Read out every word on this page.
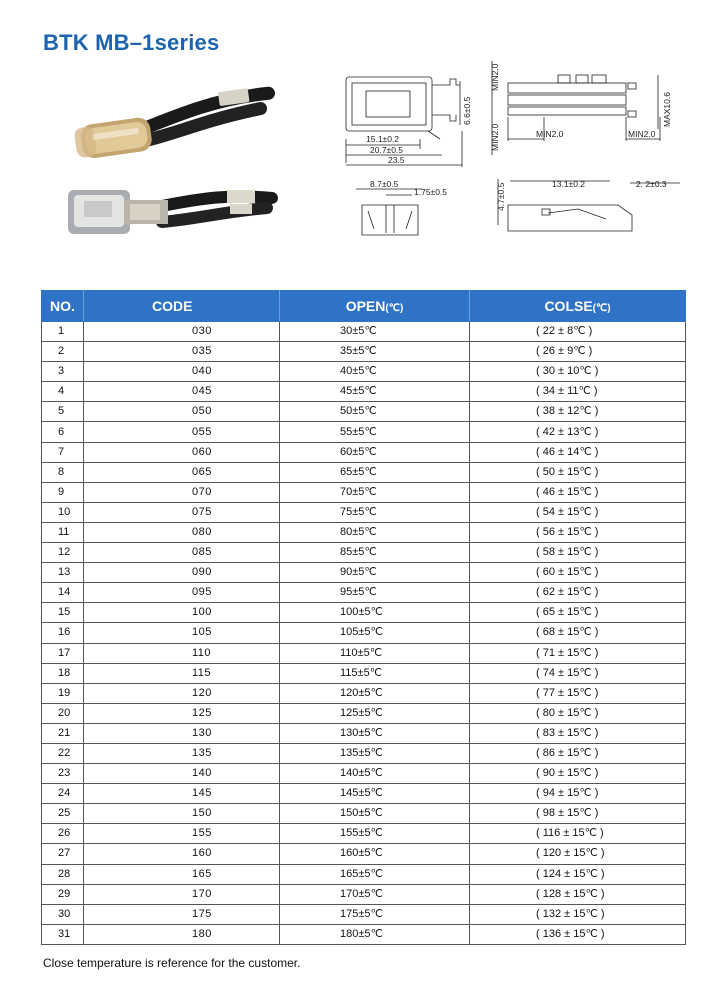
BTK MB–1series
15.1±0.2
20.7±0.5
23.5
6.6±0.5
MIN2.0
MIN2.0
MAX10.6
MIN2.0	MIN2.0
8.7±0.5
1.75±0.5
13.1±0.2	2. 2±0.3
4.7±0.5
NO.	CODE	OPEN(℃)	COLSE(℃)
1	030	30±5℃	( 22 ± 8℃ )
2	035	35±5℃	( 26 ± 9℃ )
3	040	40±5℃	( 30 ± 10℃ )
4	045	45±5℃	( 34 ± 11℃ )
5	050	50±5℃	( 38 ± 12℃ )
6	055	55±5℃	( 42 ± 13℃ )
7	060	60±5℃	( 46 ± 14℃ )
8	065	65±5℃	( 50 ± 15℃ )
9	070	70±5℃	( 46 ± 15℃ )
10	075	75±5℃	( 54 ± 15℃ )
11	080	80±5℃	( 56 ± 15℃ )
12	085	85±5℃	( 58 ± 15℃ )
13	090	90±5℃	( 60 ± 15℃ )
14	095	95±5℃	( 62 ± 15℃ )
15	100	100±5℃	( 65 ± 15℃ )
16	105	105±5℃	( 68 ± 15℃ )
17	110	110±5℃	( 71 ± 15℃ )
18	115	115±5℃	( 74 ± 15℃ )
19	120	120±5℃	( 77 ± 15℃ )
20	125	125±5℃	( 80 ± 15℃ )
21	130	130±5℃	( 83 ± 15℃ )
22	135	135±5℃	( 86 ± 15℃ )
23	140	140±5℃	( 90 ± 15℃ )
24	145	145±5℃	( 94 ± 15℃ )
25	150	150±5℃	( 98 ± 15℃ )
26	155	155±5℃	( 116 ± 15℃ )
27	160	160±5℃	( 120 ± 15℃ )
28	165	165±5℃	( 124 ± 15℃ )
29	170	170±5℃	( 128 ± 15℃ )
30	175	175±5℃	( 132 ± 15℃ )
31	180	180±5℃	( 136 ± 15℃ )
Close temperature is reference for the customer.
